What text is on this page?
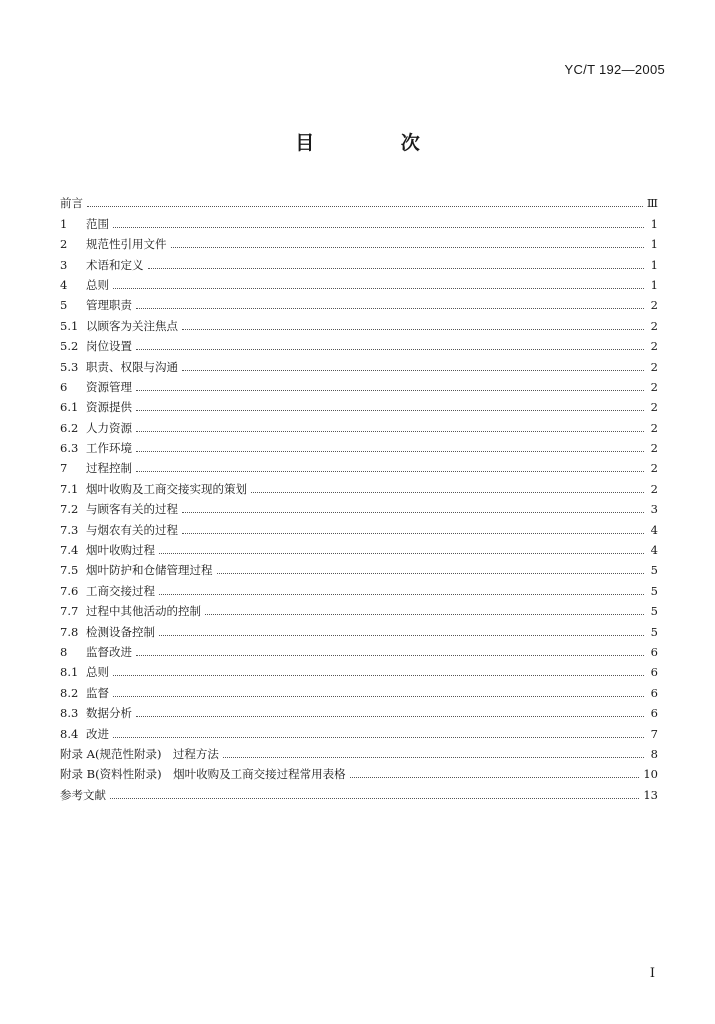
YC/T 192—2005
目 次
前言	Ⅲ
1	范围	1
2	规范性引用文件	1
3	术语和定义	1
4	总则	1
5	管理职责	2
5.1 以顾客为关注焦点	2
5.2 岗位设置	2
5.3 职责、权限与沟通	2
6	资源管理	2
6.1 资源提供	2
6.2 人力资源	2
6.3 工作环境	2
7	过程控制	2
7.1 烟叶收购及工商交接实现的策划	2
7.2 与顾客有关的过程	3
7.3 与烟农有关的过程	4
7.4 烟叶收购过程	4
7.5 烟叶防护和仓储管理过程	5
7.6 工商交接过程	5
7.7 过程中其他活动的控制	5
7.8 检测设备控制	5
8	监督改进	6
8.1 总则	6
8.2 监督	6
8.3 数据分析	6
8.4 改进	7
附录 A(规范性附录)　过程方法	8
附录 B(资料性附录)　烟叶收购及工商交接过程常用表格	10
参考文献	13
I
